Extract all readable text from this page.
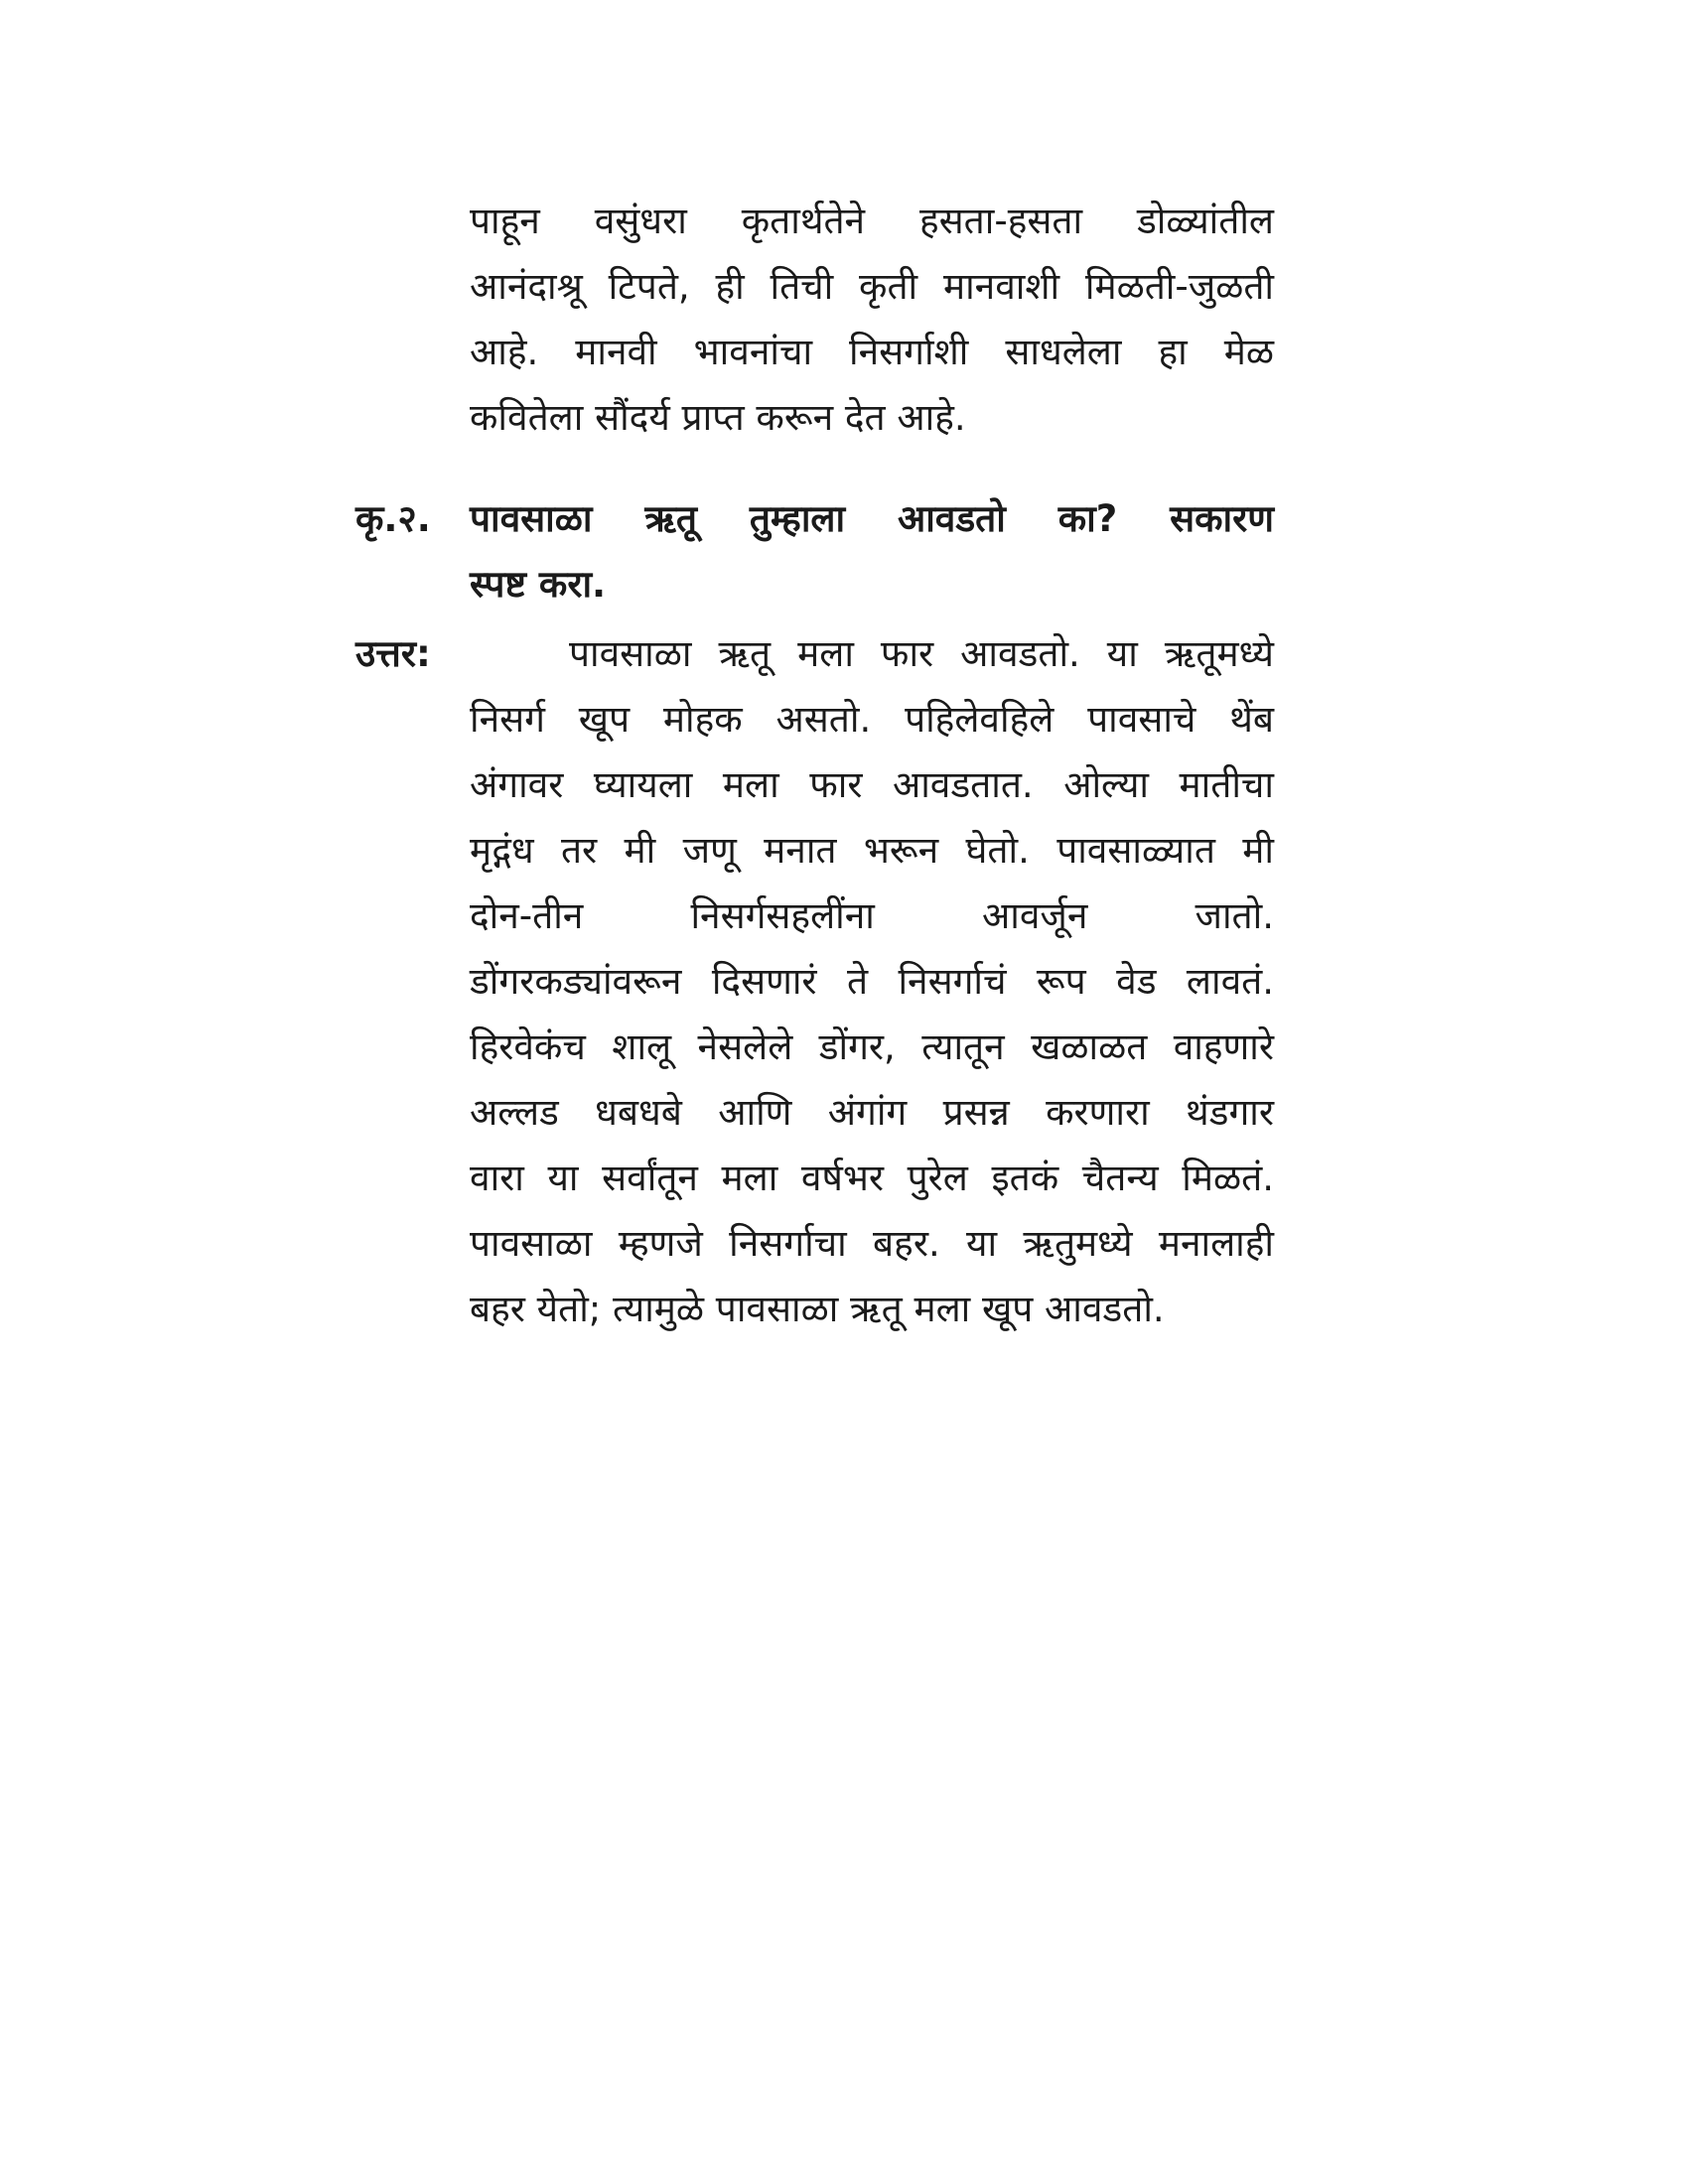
पाहून वसुंधरा कृतार्थतेने हसता-हसता डोळ्यांतील
आनंदाश्रू टिपते, ही तिची कृती मानवाशी मिळती-जुळती
आहे. मानवी भावनांचा निसर्गाशी साधलेला हा मेळ
कवितेला सौंदर्य प्राप्त करून देत आहे.
कृ.२.	पावसाळा ऋतू तुम्हाला आवडतो का? सकारण
स्पष्ट करा.
उत्तर:	पावसाळा ऋतू मला फार आवडतो. या ऋतूमध्ये
निसर्ग खूप मोहक असतो. पहिलेवहिले पावसाचे थेंब
अंगावर घ्यायला मला फार आवडतात. ओल्या मातीचा
मृद्गंध तर मी जणू मनात भरून घेतो. पावसाळ्यात मी
दोन-तीन निसर्गसहलींना आवर्जून जातो.
डोंगरकड्यांवरून दिसणारं ते निसर्गाचं रूप वेड लावतं.
हिरवेकंच शालू नेसलेले डोंगर, त्यातून खळाळत वाहणारे
अल्लड धबधबे आणि अंगांग प्रसन्न करणारा थंडगार
वारा या सर्वांतून मला वर्षभर पुरेल इतकं चैतन्य मिळतं.
पावसाळा म्हणजे निसर्गाचा बहर. या ऋतुमध्ये मनालाही
बहर येतो; त्यामुळे पावसाळा ऋतू मला खूप आवडतो.
